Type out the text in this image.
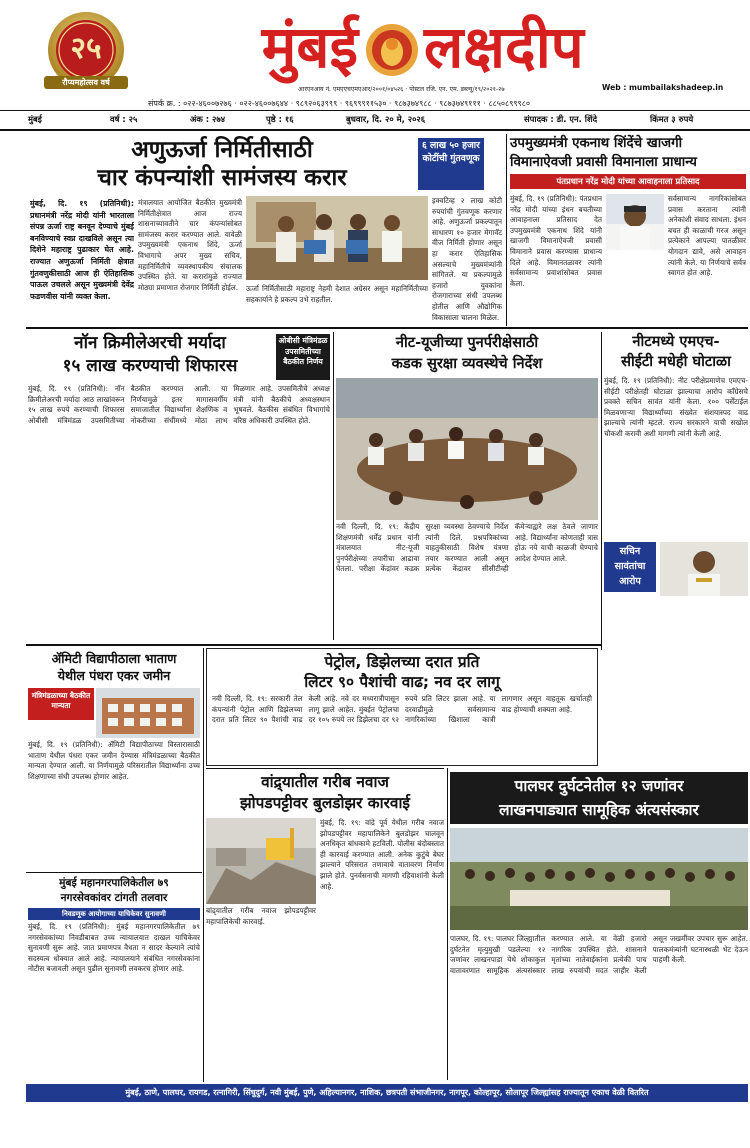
२५
रौप्यमहोत्सव वर्ष
मुंबई लक्षदीप
आरएनआय नं. एमएएचएमएआर/२००१/०४५२६ · पोस्टल रजि. एन. एम. डब्ल्यू/१९/२०२१-२७	Web : mumbailakshadeep.in
संपर्क क्र. : ०२२-४६००७२७६ · ०२२-४६००७६४४ · ९८९२०६३९९९ · ९६९९९११५३० · ९८७३७४९८८ · ९८७३७४९१११ · ८८५०८९९९८०
मुंबई	वर्ष : २५	अंक : २७४	पृष्ठे : १६	बुधवार, दि. २० मे, २०२६	संपादक : डी. एन. शिंदे	किंमत ३ रुपये
अणुऊर्जा निर्मितीसाठी
चार कंपन्यांशी सामंजस्य करार
६ लाख ५० हजार कोटींची गुंतवणूक
मुंबई, दि. १९ (प्रतिनिधी): प्रधानमंत्री नरेंद्र मोदी यांनी भारताला संपन्न ऊर्जा राष्ट्र बनवून देण्याचे मुंबई बनविण्याचे स्वप्न दाखविले असून त्या दिशेने महाराष्ट्र पुढाकार घेत आहे. राज्यात अणुऊर्जा निर्मिती क्षेत्रात गुंतवणुकीसाठी आज ही ऐतिहासिक पाऊल उचलले असून मुख्यमंत्री देवेंद्र फडणवीस यांनी व्यक्त केला.
मंत्रालयात आयोजित बैठकीत मुख्यमंत्री निर्मितीक्षेत्रात आज राज्य शासनाच्यावतीने चार कंपन्यांसोबत सामंजस्य करार करण्यात आले. यावेळी उपमुख्यमंत्री एकनाथ शिंदे, ऊर्जा विभागाचे अपर मुख्य सचिव, महानिर्मितीचे व्यवस्थापकीय संचालक उपस्थित होते. या करारांमुळे राज्यात मोठ्या प्रमाणात रोजगार निर्मिती होईल.	ऊर्जा निर्मितीसाठी महाराष्ट्र नेहमी देशात अग्रेसर असून महानिर्मितीच्या सहकार्याने हे प्रकल्प उभे राहतील.
इक्वटिव्ह २ लाख कोटी रुपयांची गुंतवणूक करणार आहे. अणुऊर्जा प्रकल्पातून साधारण १० हजार मेगावॅट वीज निर्मिती होणार असून हा करार ऐतिहासिक असल्याचे मुख्यमंत्र्यांनी सांगितले. या प्रकल्पामुळे हजारो युवकांना रोजगाराच्या संधी उपलब्ध होतील आणि औद्योगिक विकासाला चालना मिळेल.
उपमुख्यमंत्री एकनाथ शिंदेंचे खाजगी
विमानाऐवजी प्रवासी विमानाला प्राधान्य
पंतप्रधान नरेंद्र मोदी यांच्या आवाहनाला प्रतिसाद
मुंबई, दि. १९ (प्रतिनिधी): पंतप्रधान नरेंद्र मोदी यांच्या इंधन बचतीच्या आवाहनाला प्रतिसाद देत उपमुख्यमंत्री एकनाथ शिंदे यांनी खाजगी विमानाऐवजी प्रवासी विमानाने प्रवास करण्यास प्राधान्य दिले आहे. विमानतळावर त्यांनी सर्वसामान्य प्रवाशांसोबत प्रवास केला.
सर्वसामान्य नागरिकांसोबत प्रवास करताना त्यांनी अनेकांशी संवाद साधला. इंधन बचत ही काळाची गरज असून प्रत्येकाने आपल्या पातळीवर योगदान द्यावे, असे आवाहन त्यांनी केले. या निर्णयाचे सर्वत्र स्वागत होत आहे.
नॉन क्रिमीलेअरची मर्यादा
१५ लाख करण्याची शिफारस
ओबीसी मंत्रिमंडळ उपसमितीच्या बैठकीत निर्णय
मुंबई, दि. १९ (प्रतिनिधी): नॉन क्रिमीलेअरची मर्यादा आठ लाखांवरून १५ लाख रुपये करण्याची शिफारस ओबीसी मंत्रिमंडळ उपसमितीच्या बैठकीत करण्यात आली. या निर्णयामुळे इतर मागासवर्गीय समाजातील विद्यार्थ्यांना शैक्षणिक व नोकरीच्या संधींमध्ये मोठा लाभ मिळणार आहे. उपसमितीचे अध्यक्ष मंत्री यांनी बैठकीचे अध्यक्षस्थान भूषवले. बैठकीस संबंधित विभागांचे वरिष्ठ अधिकारी उपस्थित होते.
नीट-यूजीच्या पुनर्परीक्षेसाठी
कडक सुरक्षा व्यवस्थेचे निर्देश
नवी दिल्ली, दि. १९: केंद्रीय शिक्षणमंत्री धर्मेंद्र प्रधान यांनी मंत्रालयात नीट-यूजी पुनर्परीक्षेच्या तयारीचा आढावा घेतला. परीक्षा केंद्रांवर कडक सुरक्षा व्यवस्था ठेवण्याचे निर्देश त्यांनी दिले. प्रश्नपत्रिकांच्या वाहतुकीसाठी विशेष यंत्रणा तयार करण्यात आली असून प्रत्येक केंद्रावर सीसीटीव्ही कॅमेऱ्याद्वारे लक्ष ठेवले जाणार आहे. विद्यार्थ्यांना कोणताही त्रास होऊ नये याची काळजी घेण्याचे आदेश देण्यात आले.
नीटमध्ये एमएच-
सीईटी मधेही घोटाळा
मुंबई, दि. १९ (प्रतिनिधी): नीट परीक्षेप्रमाणेच एमएच-सीईटी परीक्षेतही घोटाळा झाल्याचा आरोप काँग्रेसचे प्रवक्ते सचिन सावंत यांनी केला. १०० पर्सेंटाईल मिळवणाऱ्या विद्यार्थ्यांच्या संख्येत संशयास्पद वाढ झाल्याचे त्यांनी म्हटले. राज्य सरकारने याची सखोल चौकशी करावी अशी मागणी त्यांनी केली आहे.
सचिन
सावंतांचा
आरोप
ॲमिटी विद्यापीठाला भाताण
येथील पंधरा एकर जमीन
मंत्रिमंडळाच्या बैठकीत मान्यता
मुंबई, दि. १९ (प्रतिनिधी): ॲमिटी विद्यापीठाच्या विस्तारासाठी भाताण येथील पंधरा एकर जमीन देण्यास मंत्रिमंडळाच्या बैठकीत मान्यता देण्यात आली. या निर्णयामुळे परिसरातील विद्यार्थ्यांना उच्च शिक्षणाच्या संधी उपलब्ध होणार आहेत.
पेट्रोल, डिझेलच्या दरात प्रति
लिटर ९० पैशांची वाढ; नव दर लागू
नवी दिल्ली, दि. १९: सरकारी तेल कंपन्यांनी पेट्रोल आणि डिझेलच्या दरात प्रति लिटर ९० पैशांची वाढ केली आहे. नवे दर मध्यरात्रीपासून लागू झाले आहेत. मुंबईत पेट्रोलचा दर १०५ रुपये तर डिझेलचा दर ९२ रुपये प्रति लिटर झाला आहे. या दरवाढीमुळे सर्वसामान्य नागरिकांच्या खिशाला कात्री लागणार असून वाहतूक खर्चातही वाढ होण्याची शक्यता आहे.
मुंबई महानगरपालिकेतील ७९
नगरसेवकांवर टांगती तलवार
निवडणूक आयोगाच्या याचिकेवर सुनावणी
मुंबई, दि. १९ (प्रतिनिधी): मुंबई महानगरपालिकेतील ७९ नगरसेवकांच्या निवडीबाबत उच्च न्यायालयात दाखल याचिकेवर सुनावणी सुरू आहे. जात प्रमाणपत्र वैधता न सादर केल्याने त्यांचे सदस्यत्व धोक्यात आले आहे. न्यायालयाने संबंधित नगरसेवकांना नोटीस बजावली असून पुढील सुनावणी लवकरच होणार आहे.
वांद्र्यातील गरीब नवाज
झोपडपट्टीवर बुलडोझर कारवाई
मुंबई, दि. १९: वांद्रे पूर्व येथील गरीब नवाज झोपडपट्टीवर महापालिकेने बुलडोझर चालवून अनधिकृत बांधकामे हटविली. पोलीस बंदोबस्तात ही कारवाई करण्यात आली. अनेक कुटुंबे बेघर झाल्याने परिसरात तणावाचे वातावरण निर्माण झाले होते. पुनर्वसनाची मागणी रहिवाशांनी केली आहे.
बांद्र्यातील गरीब नवाज झोपडपट्टीवर महापालिकेची कारवाई.
पालघर दुर्घटनेतील १२ जणांवर
लाखनपाड्यात सामूहिक अंत्यसंस्कार
पालघर, दि. १९: पालघर जिल्ह्यातील दुर्घटनेत मृत्युमुखी पडलेल्या १२ जणांवर लाखनपाडा येथे शोकाकुल वातावरणात सामूहिक अंत्यसंस्कार करण्यात आले. या वेळी हजारो नागरिक उपस्थित होते. शासनाने मृतांच्या नातेवाईकांना प्रत्येकी पाच लाख रुपयांची मदत जाहीर केली असून जखमींवर उपचार सुरू आहेत. पालकमंत्र्यांनी घटनास्थळी भेट देऊन पाहणी केली.
मुंबई, ठाणे, पालघर, रायगड, रत्नागिरी, सिंधुदुर्ग, नवी मुंबई, पुणे, अहिल्यानगर, नाशिक, छत्रपती संभाजीनगर, नागपूर, कोल्हापूर, सोलापूर जिल्ह्यांसह राज्यातून एकाच वेळी वितरित
